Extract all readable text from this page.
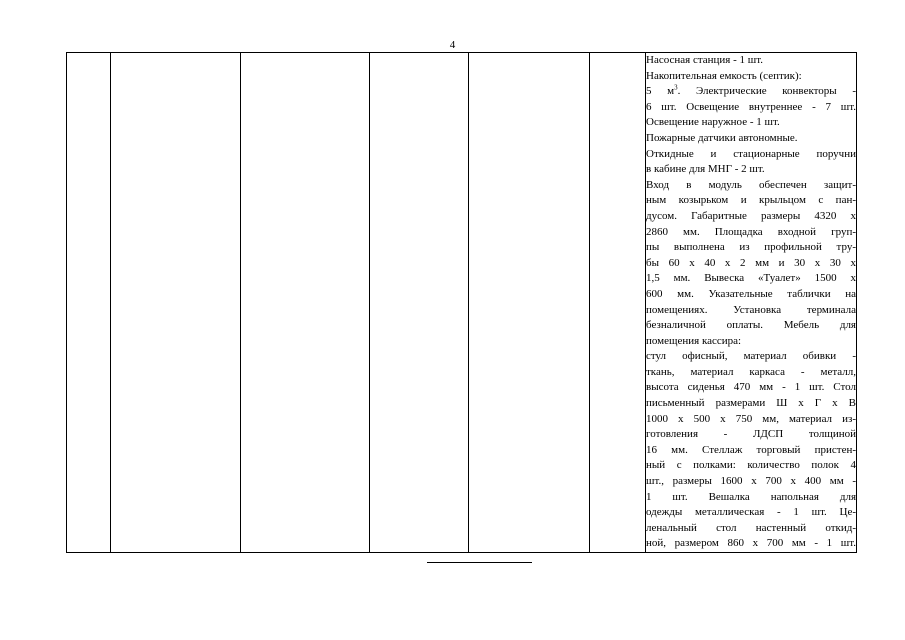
4

Насосная станция - 1 шт.
Накопительная емкость (септик):
5 $м^3$. Электрические конвекторы -
6 шт. Освещение внутреннее - 7 шт.
Освещение наружное - 1 шт.
Пожарные датчики автономные.
Откидные и стационарные поручни
в кабине для МНГ - 2 шт.
Вход в модуль обеспечен защит-
ным козырьком и крыльцом с пан-
дусом. Габаритные размеры 4320 х
2860 мм. Площадка входной груп-
пы выполнена из профильной тру-
бы 60 х 40 х 2 мм и 30 х 30 х
1,5 мм. Вывеска «Туалет» 1500 х
600 мм. Указательные таблички на
помещениях. Установка терминала
безналичной оплаты. Мебель для
помещения кассира:
стул офисный, материал обивки -
ткань, материал каркаса - металл,
высота сиденья 470 мм - 1 шт. Стол
письменный размерами Ш х Г х В
1000 х 500 х 750 мм, материал из-
готовления - ЛДСП толщиной
16 мм. Стеллаж торговый пристен-
ный с полками: количество полок 4
шт., размеры 1600 х 700 х 400 мм -
1 шт. Вешалка напольная для
одежды металлическая - 1 шт. Це-
ленальный стол настенный откид-
ной, размером 860 х 700 мм - 1 шт.
